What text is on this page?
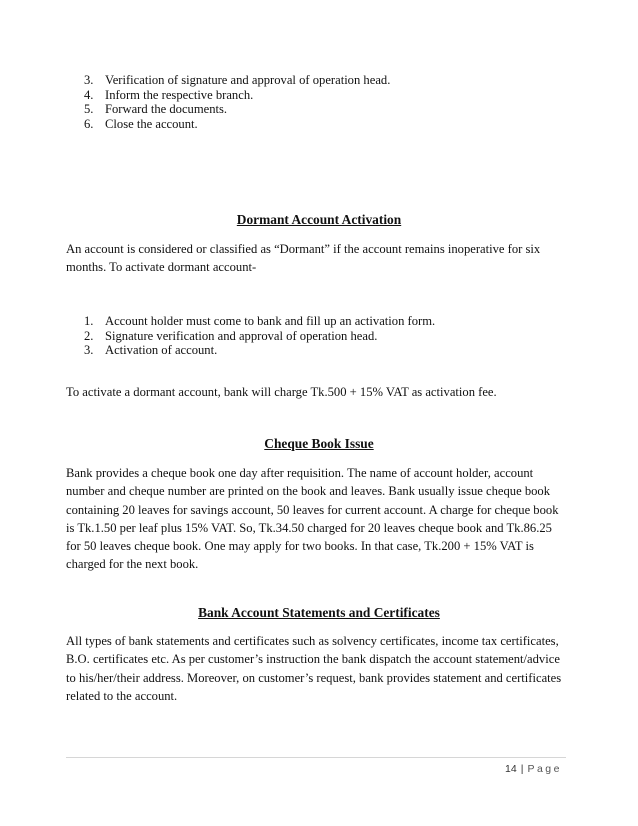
3. Verification of signature and approval of operation head.
4. Inform the respective branch.
5. Forward the documents.
6. Close the account.
Dormant Account Activation
An account is considered or classified as “Dormant” if the account remains inoperative for six months. To activate dormant account-
1. Account holder must come to bank and fill up an activation form.
2. Signature verification and approval of operation head.
3. Activation of account.
To activate a dormant account, bank will charge Tk.500 + 15% VAT as activation fee.
Cheque Book Issue
Bank provides a cheque book one day after requisition. The name of account holder, account number and cheque number are printed on the book and leaves. Bank usually issue cheque book containing 20 leaves for savings account, 50 leaves for current account. A charge for cheque book is Tk.1.50 per leaf plus 15% VAT. So, Tk.34.50 charged for 20 leaves cheque book and Tk.86.25 for 50 leaves cheque book. One may apply for two books. In that case, Tk.200 + 15% VAT is charged for the next book.
Bank Account Statements and Certificates
All types of bank statements and certificates such as solvency certificates, income tax certificates, B.O. certificates etc. As per customer’s instruction the bank dispatch the account statement/advice to his/her/their address. Moreover, on customer’s request, bank provides statement and certificates related to the account.
14 | Page
